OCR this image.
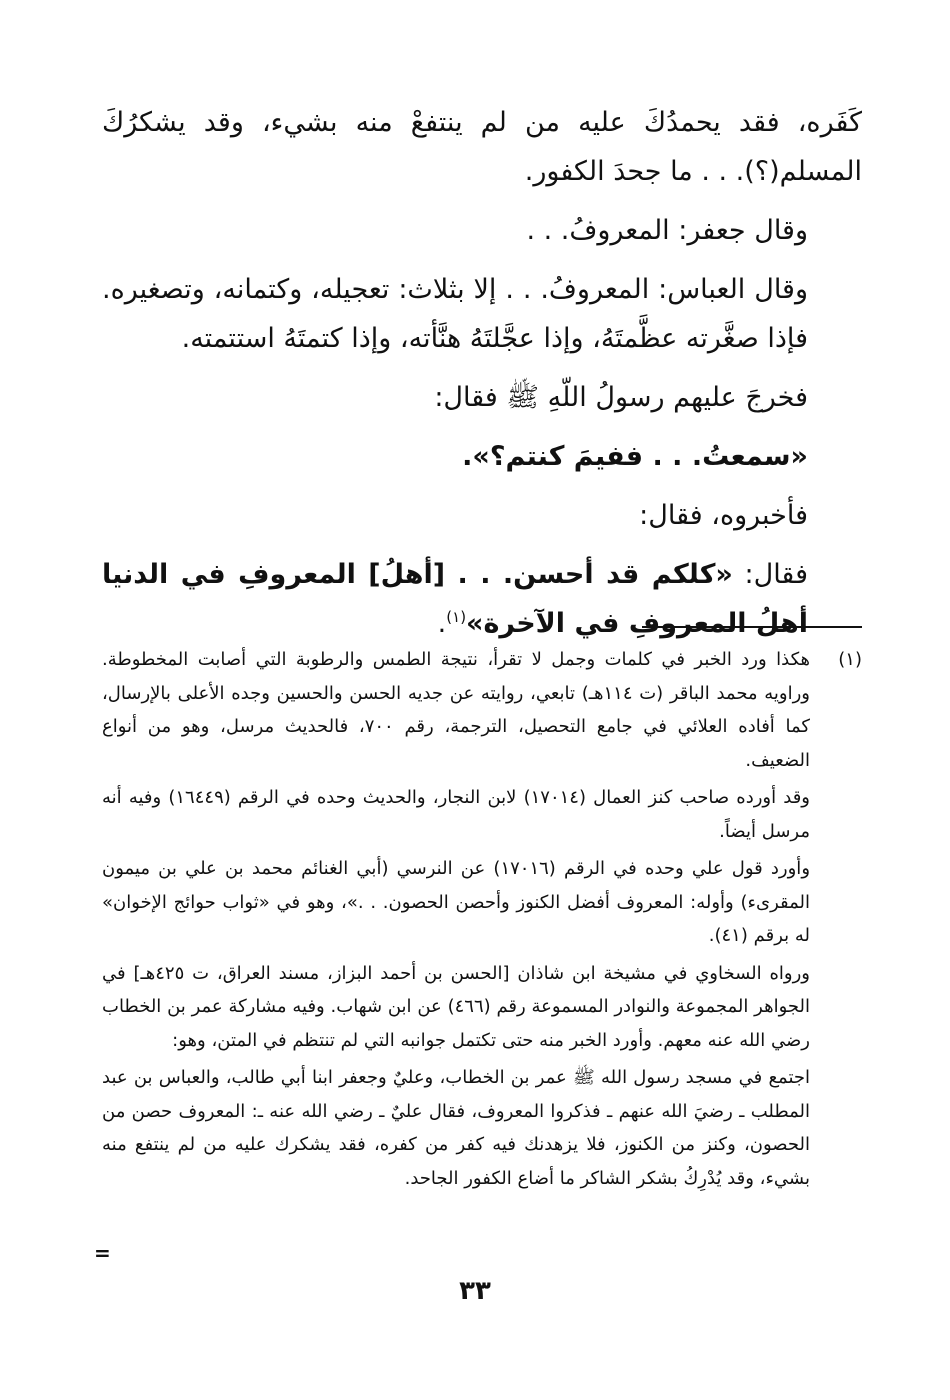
كَفَره، فقد يحمدُكَ عليه من لم ينتفعْ منه بشيء، وقد يشكرُكَ المسلم(؟). . . ما جحدَ الكفور.

وقال جعفر: المعروفُ. . .

وقال العباس: المعروفُ. . . إلا بثلاث: تعجيله، وكتمانه، وتصغيره. فإذا صغَّرته عظَّمتَهُ، وإذا عجَّلتَهُ هنَّأته، وإذا كتمتَهُ استتمته.

فخرجَ عليهم رسولُ اللّهِ ﷺ فقال:

«سمعتُ. . . ففيمَ كنتم؟».

فأخبروه، فقال:

فقال: «كلكم قد أحسن. . . [أهلُ] المعروفِ في الدنيا أهلُ المعروفِ في الآخرة»$^{(١)}$.

(١)

هكذا ورد الخبر في كلمات وجمل لا تقرأ، نتيجة الطمس والرطوبة التي أصابت المخطوطة. وراويه محمد الباقر (ت ١١٤هـ) تابعي، روايته عن جديه الحسن والحسين وجده الأعلى بالإرسال، كما أفاده العلائي في جامع التحصيل، الترجمة، رقم ٧٠٠، فالحديث مرسل، وهو من أنواع الضعيف.

وقد أورده صاحب كنز العمال (١٧٠١٤) لابن النجار، والحديث وحده في الرقم (١٦٤٤٩) وفيه أنه مرسل أيضاً.

وأورد قول علي وحده في الرقم (١٧٠١٦) عن النرسي (أبي الغنائم محمد بن علي بن ميمون المقرىء) وأوله: المعروف أفضل الكنوز وأحصن الحصون. . .»، وهو في «ثواب حوائج الإخوان» له برقم (٤١).

ورواه السخاوي في مشيخة ابن شاذان [الحسن بن أحمد البزاز، مسند العراق، ت ٤٢٥هـ] في الجواهر المجموعة والنوادر المسموعة رقم (٤٦٦) عن ابن شهاب. وفيه مشاركة عمر بن الخطاب رضي الله عنه معهم. وأورد الخبر منه حتى تكتمل جوانبه التي لم تنتظم في المتن، وهو:

اجتمع في مسجد رسول الله ﷺ عمر بن الخطاب، وعليٌ وجعفر ابنا أبي طالب، والعباس بن عبد المطلب ـ رضيَ الله عنهم ـ فذكروا المعروف، فقال عليٌ ـ رضي الله عنه ـ: المعروف حصن من الحصون، وكنز من الكنوز، فلا يزهدنك فيه كفر من كفره، فقد يشكرك عليه من لم ينتفع منه بشيء، وقد يُدْرِكُ بشكر الشاكر ما أضاع الكفور الجاحد.

=
٣٣
